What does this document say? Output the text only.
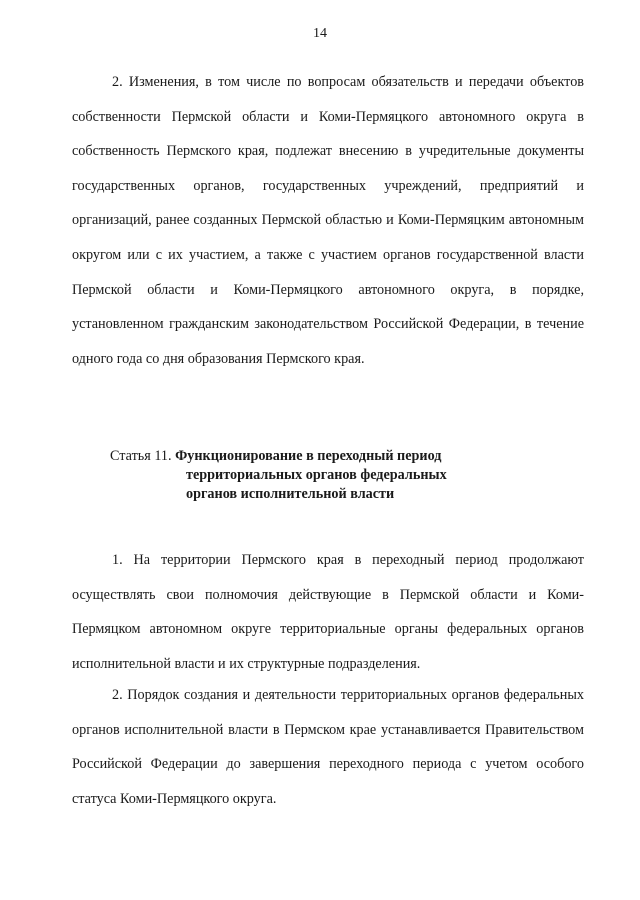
14

2. Изменения, в том числе по вопросам обязательств и передачи объектов собственности Пермской области и Коми-Пермяцкого автономного округа в собственность Пермского края, подлежат внесению в учредительные документы государственных органов, государственных учреждений, предприятий и организаций, ранее созданных Пермской областью и Коми-Пермяцким автономным округом или с их участием, а также с участием органов государственной власти Пермской области и Коми-Пермяцкого автономного округа, в порядке, установленном гражданским законодательством Российской Федерации, в течение одного года со дня образования Пермского края.

Статья 11. Функционирование в переходный период
территориальных органов федеральных
органов исполнительной власти

1. На территории Пермского края в переходный период продолжают осуществлять свои полномочия действующие в Пермской области и Коми-Пермяцком автономном округе территориальные органы федеральных органов исполнительной власти и их структурные подразделения.

2. Порядок создания и деятельности территориальных органов федеральных органов исполнительной власти в Пермском крае устанавливается Правительством Российской Федерации до завершения переходного периода с учетом особого статуса Коми-Пермяцкого округа.
